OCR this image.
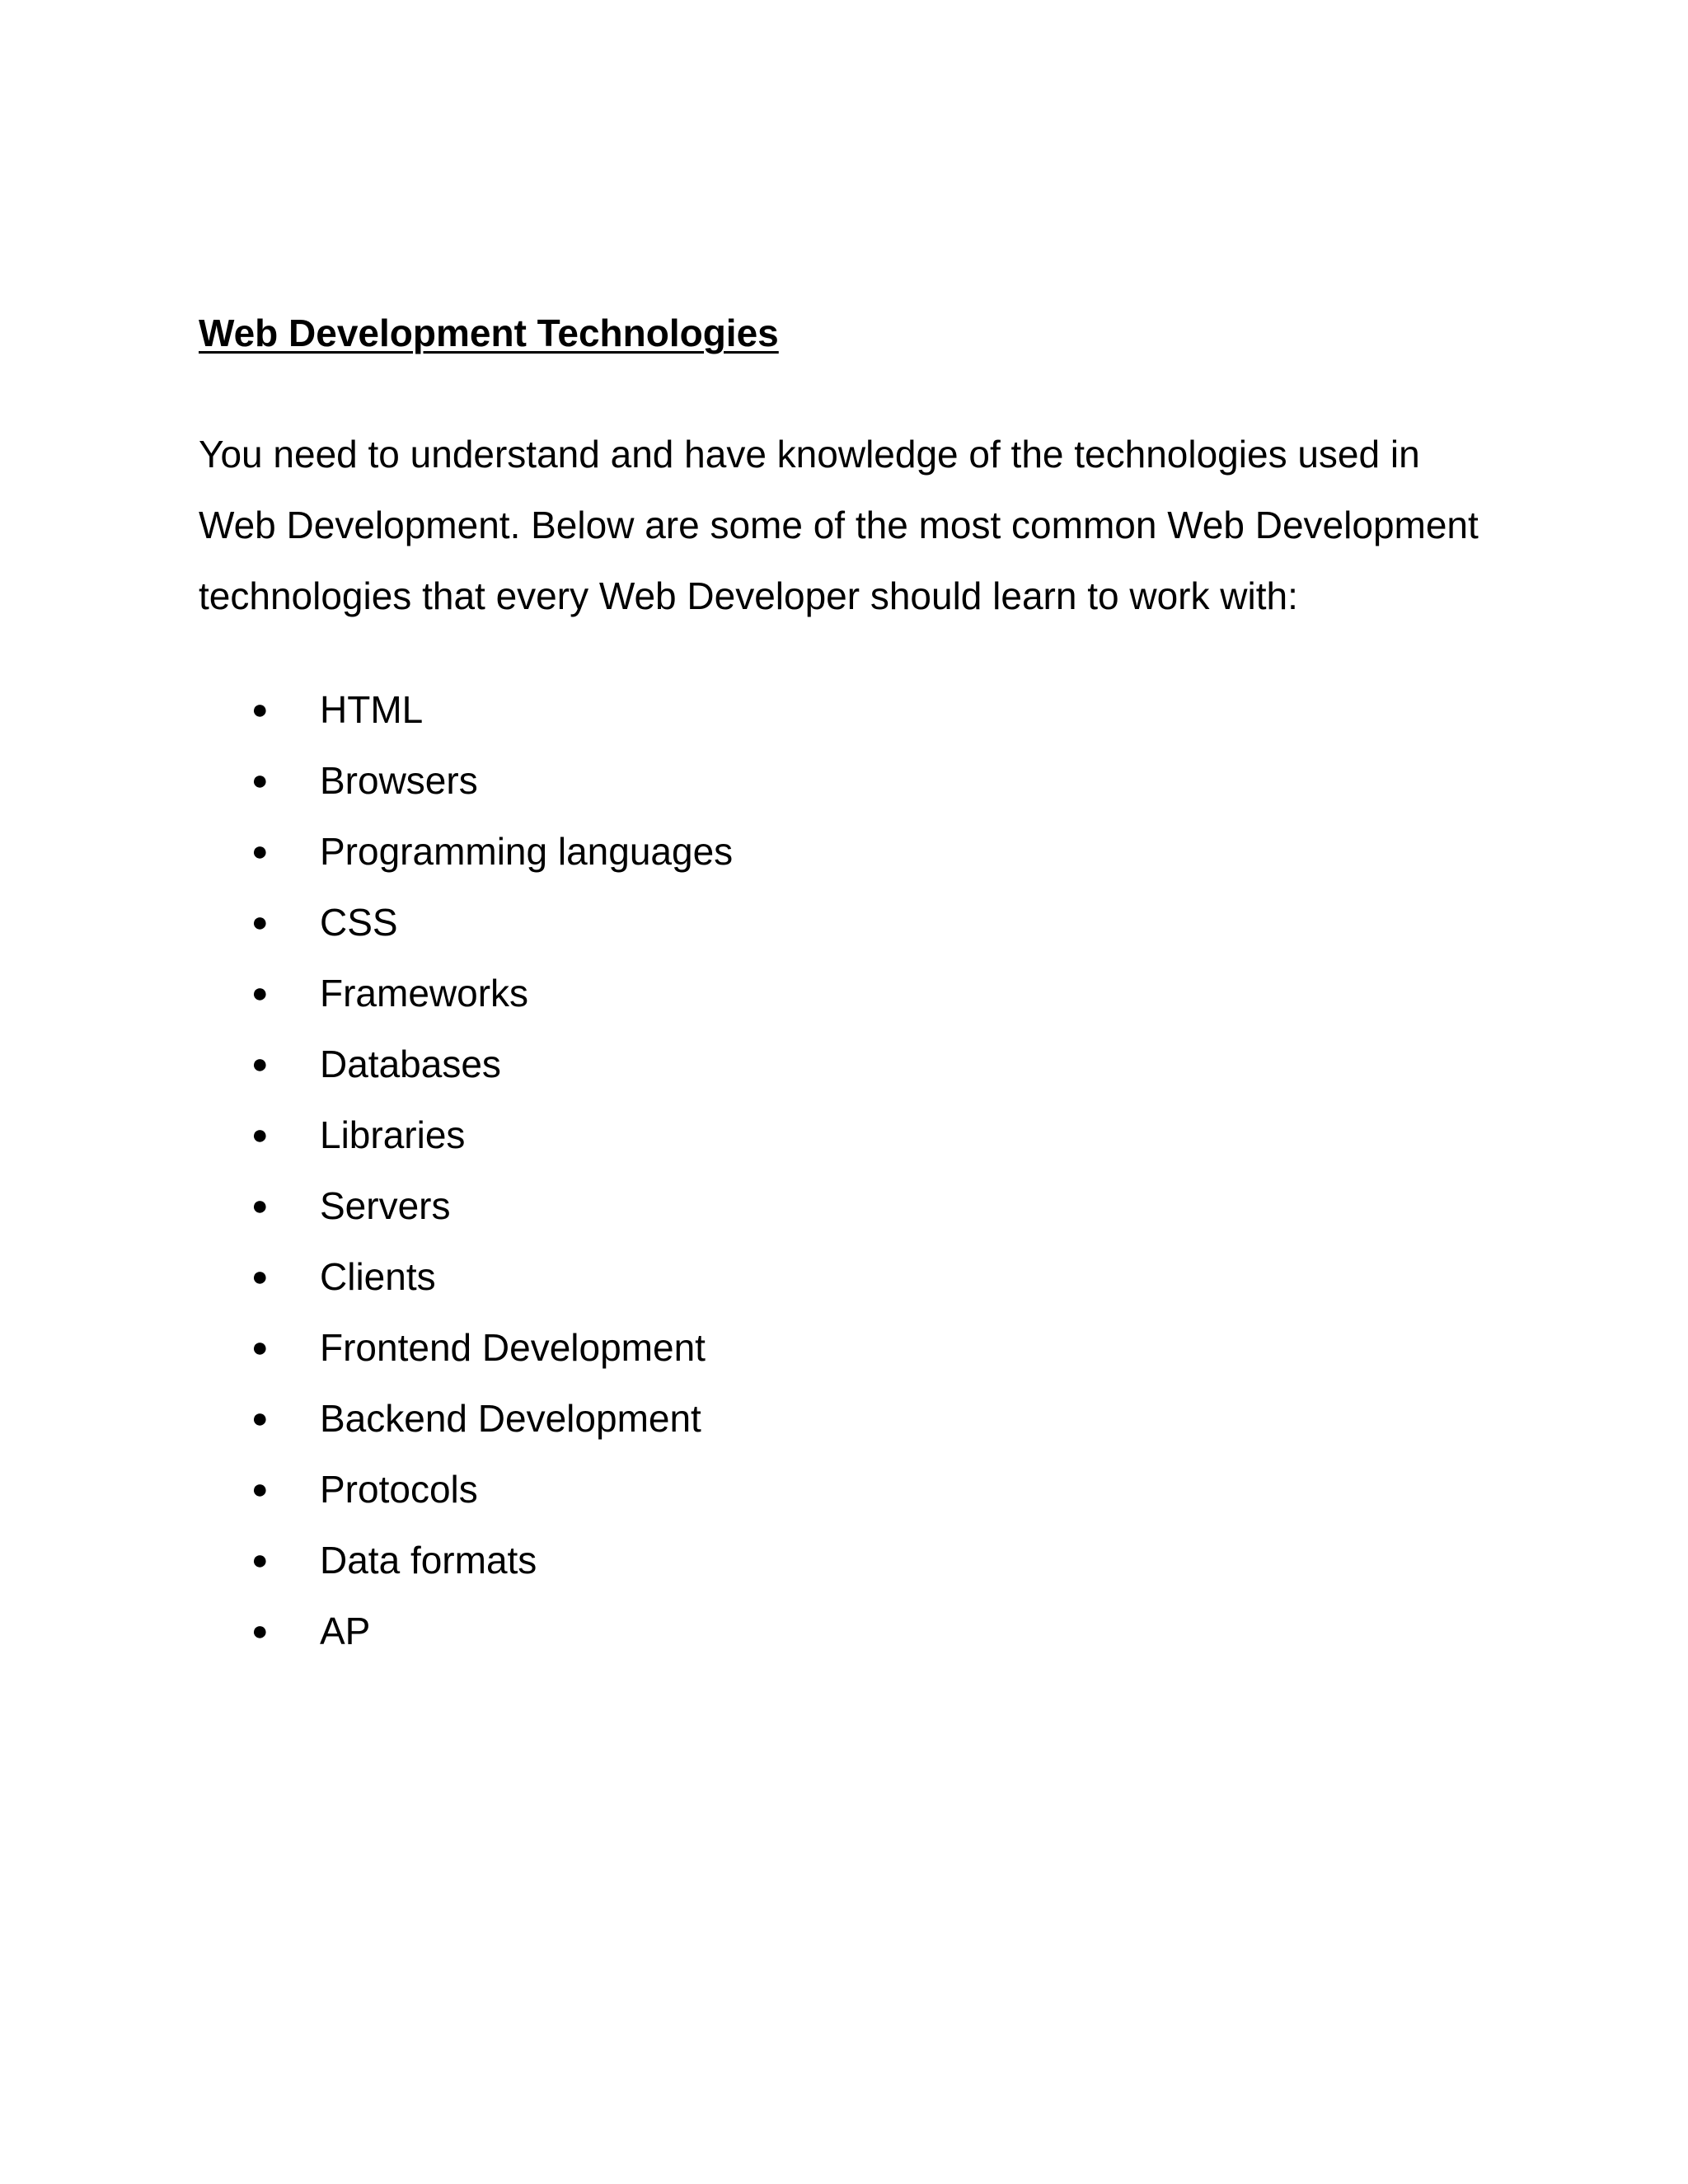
Web Development Technologies

You need to understand and have knowledge of the technologies used in Web Development. Below are some of the most common Web Development technologies that every Web Developer should learn to work with:

● HTML
● Browsers
● Programming languages
● CSS
● Frameworks
● Databases
● Libraries
● Servers
● Clients
● Frontend Development
● Backend Development
● Protocols
● Data formats
● AP
